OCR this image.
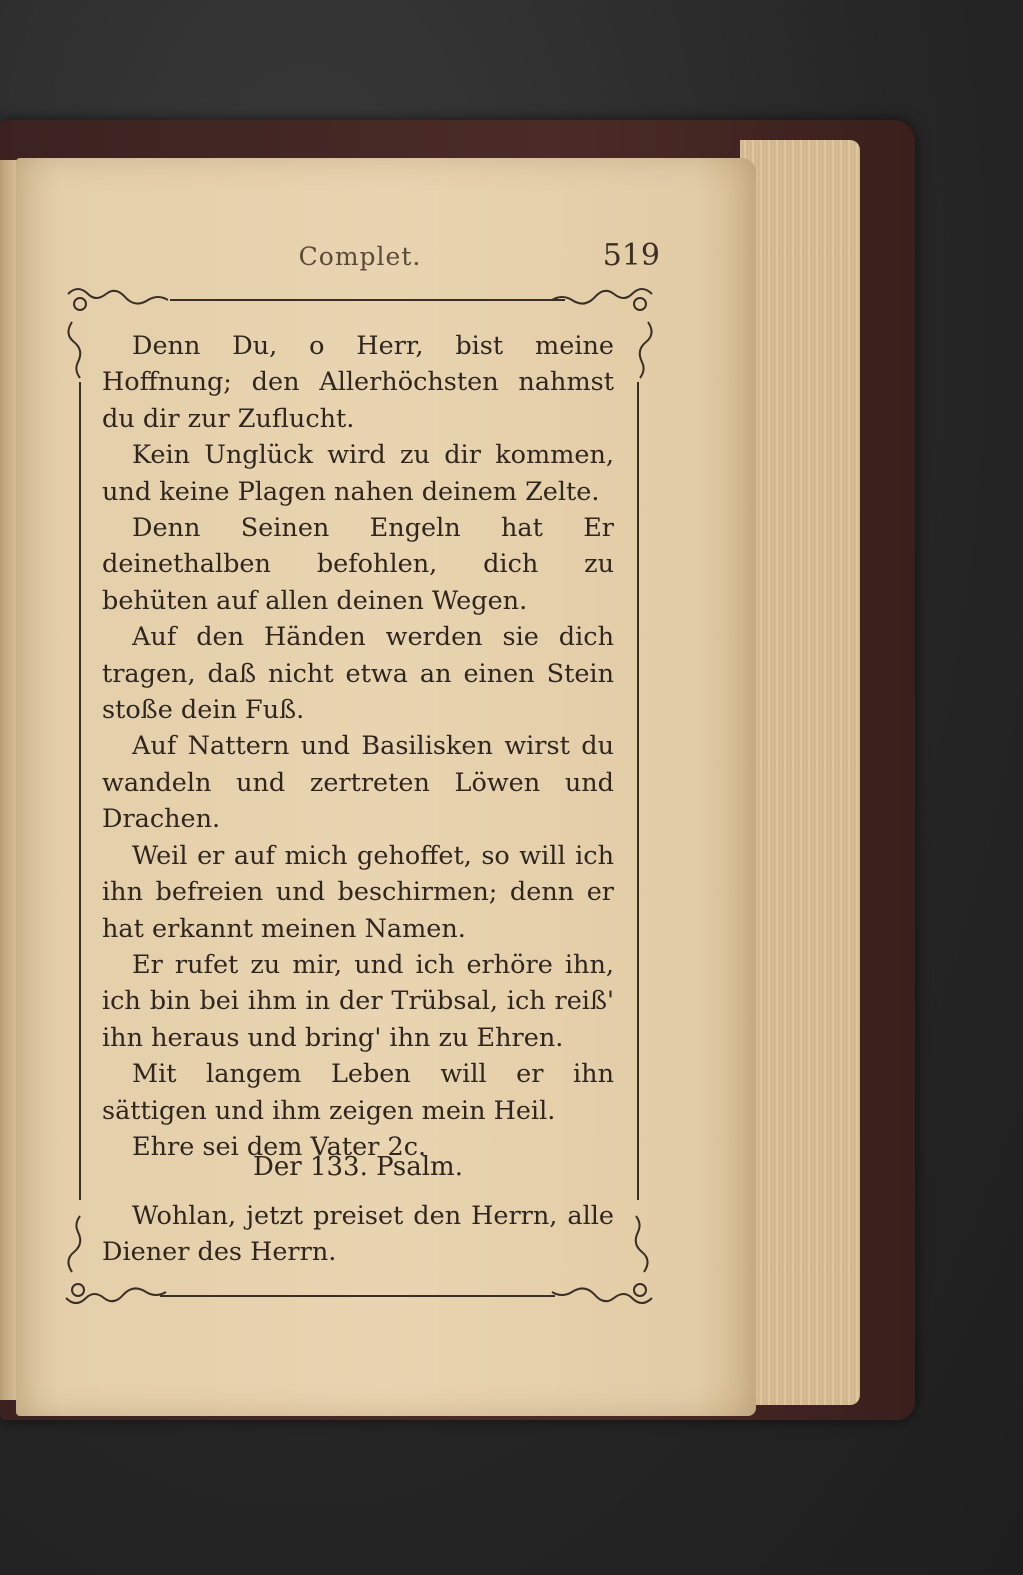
Complet.	519

Denn Du, o Herr, bist meine Hoffnung; den Allerhöchsten nahmst du dir zur Zuflucht.

Kein Unglück wird zu dir kommen, und keine Plagen nahen deinem Zelte.

Denn Seinen Engeln hat Er deinethalben befohlen, dich zu behüten auf allen deinen Wegen.

Auf den Händen werden sie dich tragen, daß nicht etwa an einen Stein stoße dein Fuß.

Auf Nattern und Basilisken wirst du wandeln und zertreten Löwen und Drachen.

Weil er auf mich gehoffet, so will ich ihn befreien und beschirmen; denn er hat erkannt meinen Namen.

Er rufet zu mir, und ich erhöre ihn, ich bin bei ihm in der Trübsal, ich reiß' ihn heraus und bring' ihn zu Ehren.

Mit langem Leben will er ihn sättigen und ihm zeigen mein Heil.

Ehre sei dem Vater 2c.

Der 133. Psalm.

Wohlan, jetzt preiset den Herrn, alle Diener des Herrn.
